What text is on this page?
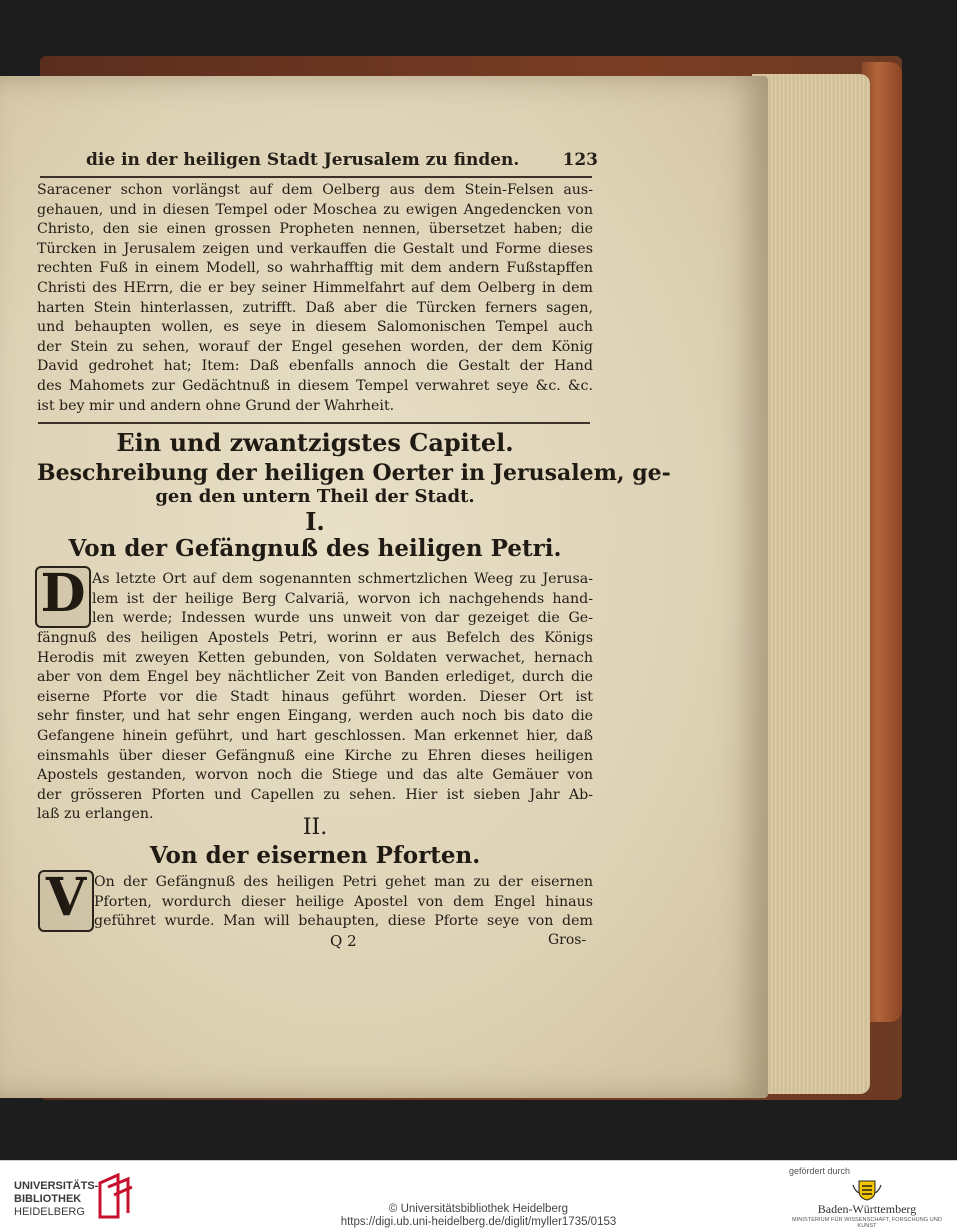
die in der heiligen Stadt Jerusalem zu finden.	123
Saracener schon vorlängst auf dem Oelberg aus dem Stein-Felsen aus-
gehauen, und in diesen Tempel oder Moschea zu ewigen Angedencken von
Christo, den sie einen grossen Propheten nennen, übersetzet haben; die
Türcken in Jerusalem zeigen und verkauffen die Gestalt und Forme dieses
rechten Fuß in einem Modell, so wahrhafftig mit dem andern Fußstapffen
Christi des HErrn, die er bey seiner Himmelfahrt auf dem Oelberg in dem
harten Stein hinterlassen, zutrifft. Daß aber die Türcken ferners sagen,
und behaupten wollen, es seye in diesem Salomonischen Tempel auch
der Stein zu sehen, worauf der Engel gesehen worden, der dem König
David gedrohet hat; Item: Daß ebenfalls annoch die Gestalt der Hand
des Mahomets zur Gedächtnuß in diesem Tempel verwahret seye &c. &c.
ist bey mir und andern ohne Grund der Wahrheit.
Ein und zwantzigstes Capitel.
Beschreibung der heiligen Oerter in Jerusalem, ge-
gen den untern Theil der Stadt.
I.
Von der Gefängnuß des heiligen Petri.
D As letzte Ort auf dem sogenannten schmertzlichen Weeg zu Jerusa-
lem ist der heilige Berg Calvariä, worvon ich nachgehends hand-
len werde; Indessen wurde uns unweit von dar gezeiget die Ge-
fängnuß des heiligen Apostels Petri, worinn er aus Befelch des Königs
Herodis mit zweyen Ketten gebunden, von Soldaten verwachet, hernach
aber von dem Engel bey nächtlicher Zeit von Banden erlediget, durch die
eiserne Pforte vor die Stadt hinaus geführt worden. Dieser Ort ist
sehr finster, und hat sehr engen Eingang, werden auch noch bis dato die
Gefangene hinein geführt, und hart geschlossen. Man erkennet hier, daß
einsmahls über dieser Gefängnuß eine Kirche zu Ehren dieses heiligen
Apostels gestanden, worvon noch die Stiege und das alte Gemäuer von
der grösseren Pforten und Capellen zu sehen. Hier ist sieben Jahr Ab-
laß zu erlangen.
II.
Von der eisernen Pforten.
V On der Gefängnuß des heiligen Petri gehet man zu der eisernen
Pforten, wordurch dieser heilige Apostel von dem Engel hinaus
geführet wurde. Man will behaupten, diese Pforte seye von dem
Q 2	Gros-
UNIVERSITÄTS-
BIBLIOTHEK
HEIDELBERG	© Universitätsbibliothek Heidelberg
https://digi.ub.uni-heidelberg.de/diglit/myller1735/0153
gefördert durch
Baden-Württemberg
MINISTERIUM FÜR WISSENSCHAFT, FORSCHUNG UND KUNST
